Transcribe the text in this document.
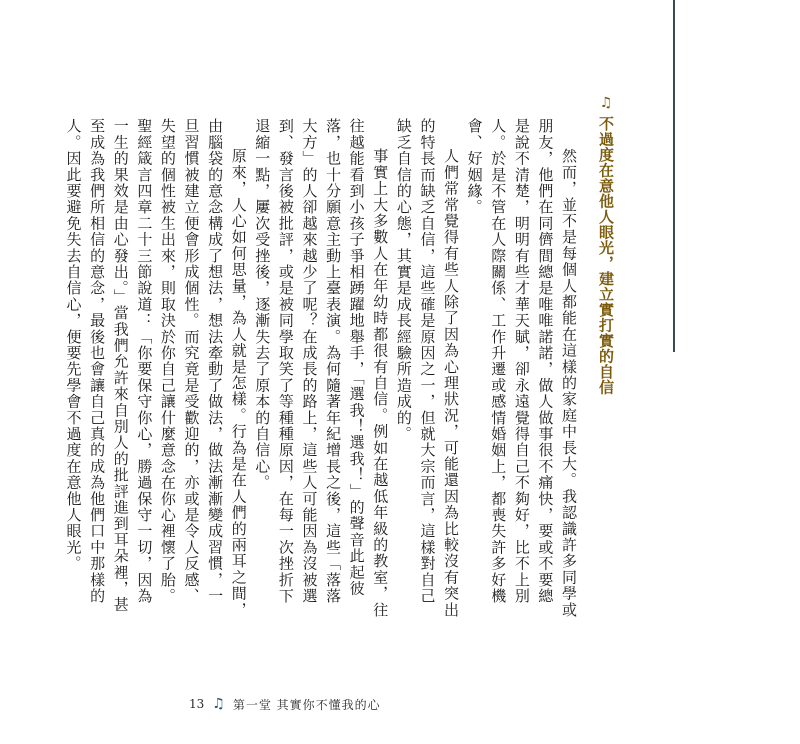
♫
不過度在意他人眼光，建立實打實的自信

然而，並不是每個人都能在這樣的家庭中長大。我認識許多同學或朋友，他們在同儕間總是唯唯諾諾，做人做事很不痛快，要或不要總是說不清楚，明明有些才華天賦，卻永遠覺得自己不夠好，比不上別人。於是不管在人際關係、工作升遷或感情婚姻上，都喪失許多好機會、好姻緣。

人們常常覺得有些人除了因為心理狀況，可能還因為比較沒有突出的特長而缺乏自信，這些確是原因之一，但就大宗而言，這樣對自己缺乏自信的心態，其實是成長經驗所造成的。

事實上大多數人在年幼時都很有自信。例如在越低年級的教室，往往越能看到小孩子爭相踴躍地舉手，「選我！選我！」的聲音此起彼落，也十分願意主動上臺表演。為何隨著年紀增長之後，這些「落落大方」的人卻越來越少了呢？在成長的路上，這些人可能因為沒被選到、發言後被批評，或是被同學取笑了等種種原因，在每一次挫折下退縮一點，屢次受挫後，逐漸失去了原本的自信心。

原來，人心如何思量，為人就是怎樣。行為是在人們的兩耳之間，由腦袋的意念構成了想法，想法牽動了做法，做法漸漸變成習慣，一旦習慣被建立便會形成個性。而究竟是受歡迎的，亦或是令人反感、失望的個性被生出來，則取決於你自己讓什麼意念在你心裡懷了胎。聖經箴言四章二十三節說道：「你要保守你心，勝過保守一切，因為一生的果效是由心發出。」當我們允許來自別人的批評進到耳朵裡，甚至成為我們所相信的意念，最後也會讓自己真的成為他們口中那樣的人。因此要避免失去自信心，便要先學會不過度在意他人眼光。

13 ♫ 第一堂 其實你不懂我的心
